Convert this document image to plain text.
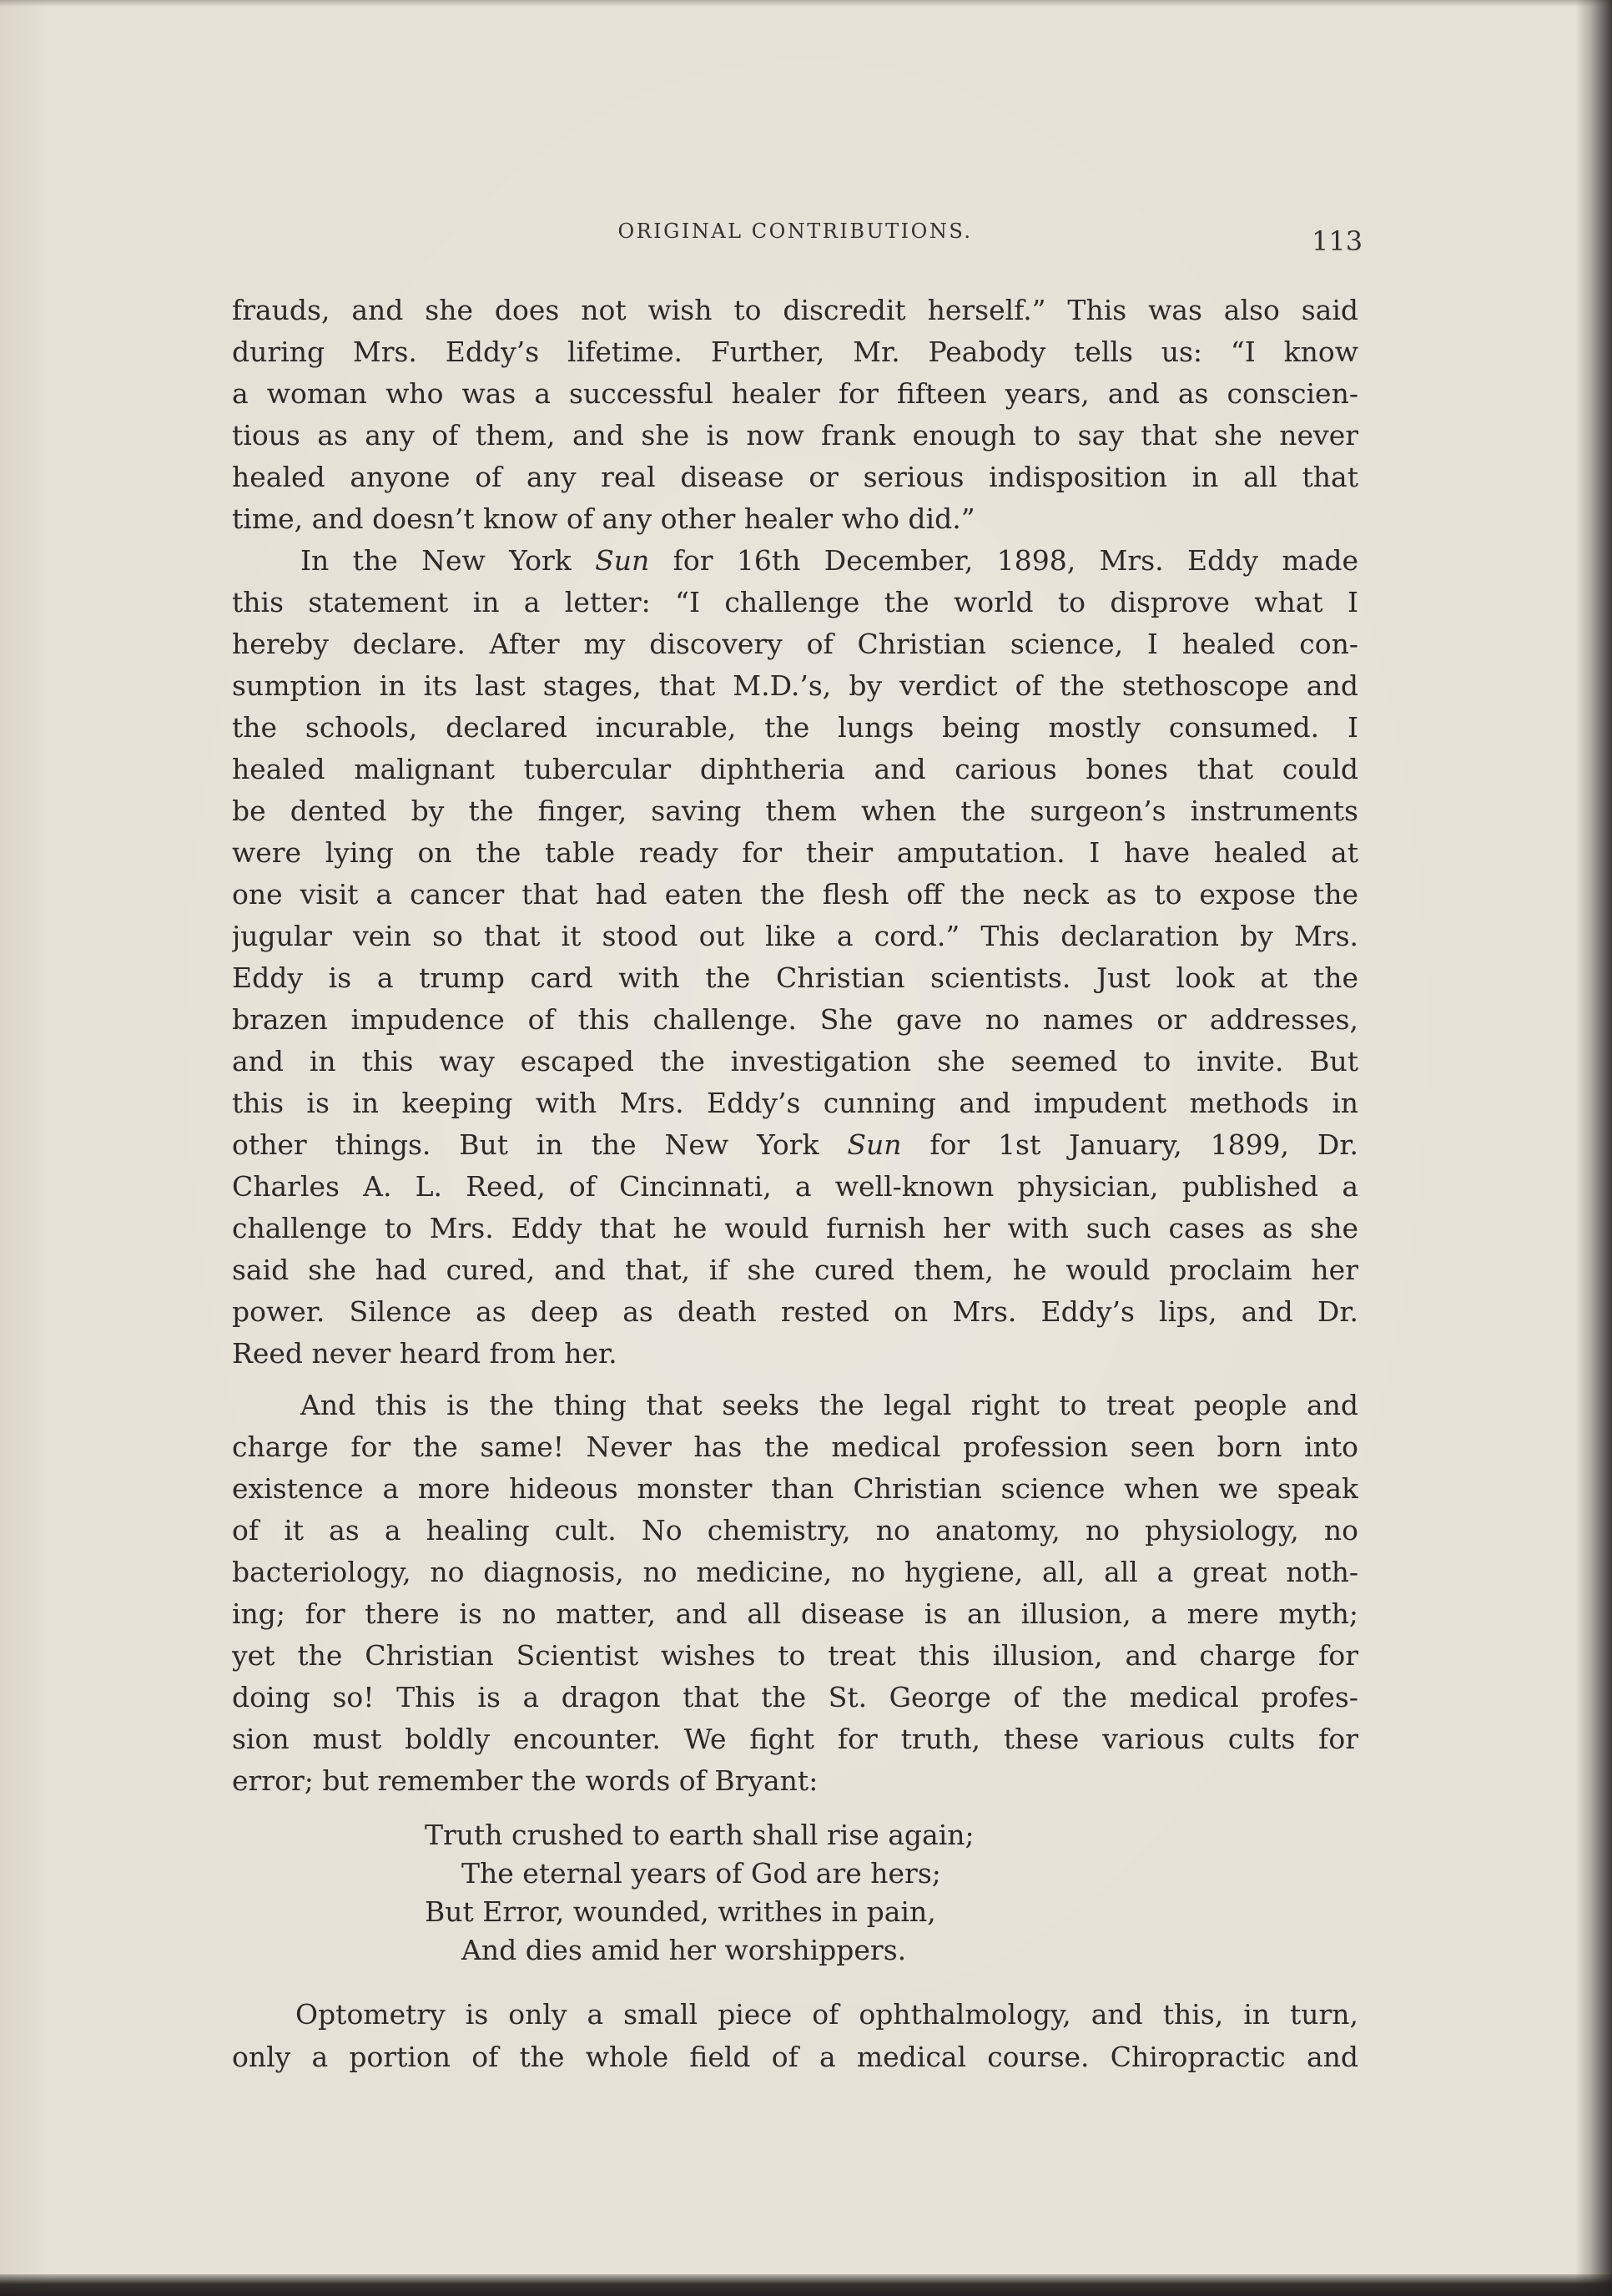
ORIGINAL CONTRIBUTIONS.	113
frauds, and she does not wish to discredit herself.” This was also said
during Mrs. Eddy’s lifetime. Further, Mr. Peabody tells us: “I know
a woman who was a successful healer for fifteen years, and as conscien-
tious as any of them, and she is now frank enough to say that she never
healed anyone of any real disease or serious indisposition in all that
time, and doesn’t know of any other healer who did.”
In the New York Sun for 16th December, 1898, Mrs. Eddy made
this statement in a letter: “I challenge the world to disprove what I
hereby declare. After my discovery of Christian science, I healed con-
sumption in its last stages, that M.D.’s, by verdict of the stethoscope and
the schools, declared incurable, the lungs being mostly consumed. I
healed malignant tubercular diphtheria and carious bones that could
be dented by the finger, saving them when the surgeon’s instruments
were lying on the table ready for their amputation. I have healed at
one visit a cancer that had eaten the flesh off the neck as to expose the
jugular vein so that it stood out like a cord.” This declaration by Mrs.
Eddy is a trump card with the Christian scientists. Just look at the
brazen impudence of this challenge. She gave no names or addresses,
and in this way escaped the investigation she seemed to invite. But
this is in keeping with Mrs. Eddy’s cunning and impudent methods in
other things. But in the New York Sun for 1st January, 1899, Dr.
Charles A. L. Reed, of Cincinnati, a well-known physician, published a
challenge to Mrs. Eddy that he would furnish her with such cases as she
said she had cured, and that, if she cured them, he would proclaim her
power. Silence as deep as death rested on Mrs. Eddy’s lips, and Dr.
Reed never heard from her.
And this is the thing that seeks the legal right to treat people and
charge for the same! Never has the medical profession seen born into
existence a more hideous monster than Christian science when we speak
of it as a healing cult. No chemistry, no anatomy, no physiology, no
bacteriology, no diagnosis, no medicine, no hygiene, all, all a great noth-
ing; for there is no matter, and all disease is an illusion, a mere myth;
yet the Christian Scientist wishes to treat this illusion, and charge for
doing so! This is a dragon that the St. George of the medical profes-
sion must boldly encounter. We fight for truth, these various cults for
error; but remember the words of Bryant:
Truth crushed to earth shall rise again;
The eternal years of God are hers;
But Error, wounded, writhes in pain,
And dies amid her worshippers.
Optometry is only a small piece of ophthalmology, and this, in turn,
only a portion of the whole field of a medical course. Chiropractic and
